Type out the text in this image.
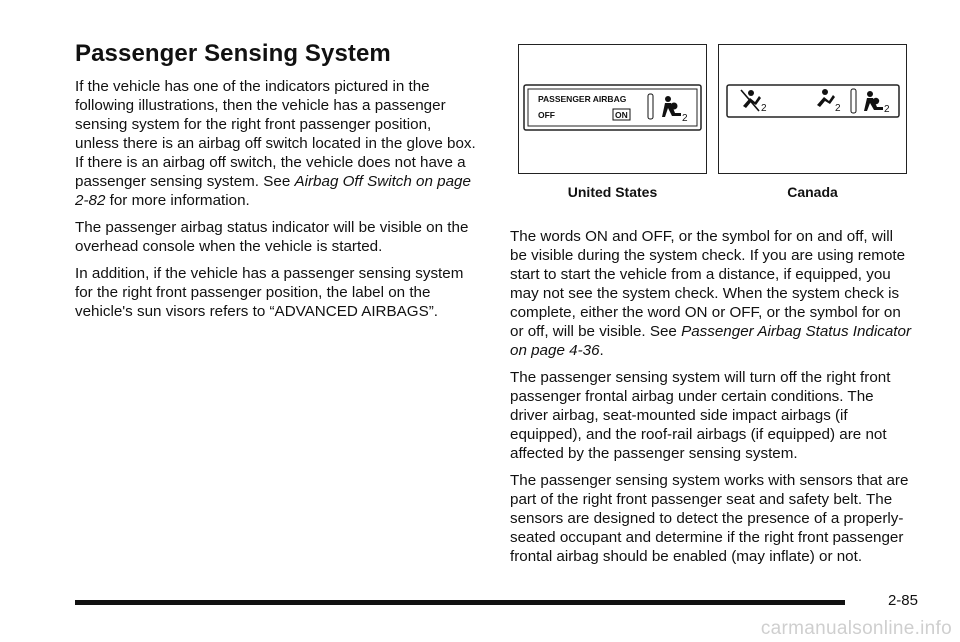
Passenger Sensing System

If the vehicle has one of the indicators pictured in the following illustrations, then the vehicle has a passenger sensing system for the right front passenger position, unless there is an airbag off switch located in the glove box. If there is an airbag off switch, the vehicle does not have a passenger sensing system. See Airbag Off Switch on page 2-82 for more information.

The passenger airbag status indicator will be visible on the overhead console when the vehicle is started.

In addition, if the vehicle has a passenger sensing system for the right front passenger position, the label on the vehicle's sun visors refers to “ADVANCED AIRBAGS”.

PASSENGER AIRBAG
OFF	ON	2
2	2	2
United States	Canada

The words ON and OFF, or the symbol for on and off, will be visible during the system check. If you are using remote start to start the vehicle from a distance, if equipped, you may not see the system check. When the system check is complete, either the word ON or OFF, or the symbol for on or off, will be visible. See Passenger Airbag Status Indicator on page 4-36.

The passenger sensing system will turn off the right front passenger frontal airbag under certain conditions. The driver airbag, seat-mounted side impact airbags (if equipped), and the roof-rail airbags (if equipped) are not affected by the passenger sensing system.

The passenger sensing system works with sensors that are part of the right front passenger seat and safety belt. The sensors are designed to detect the presence of a properly-seated occupant and determine if the right front passenger frontal airbag should be enabled (may inflate) or not.

2-85
carmanualsonline.info
